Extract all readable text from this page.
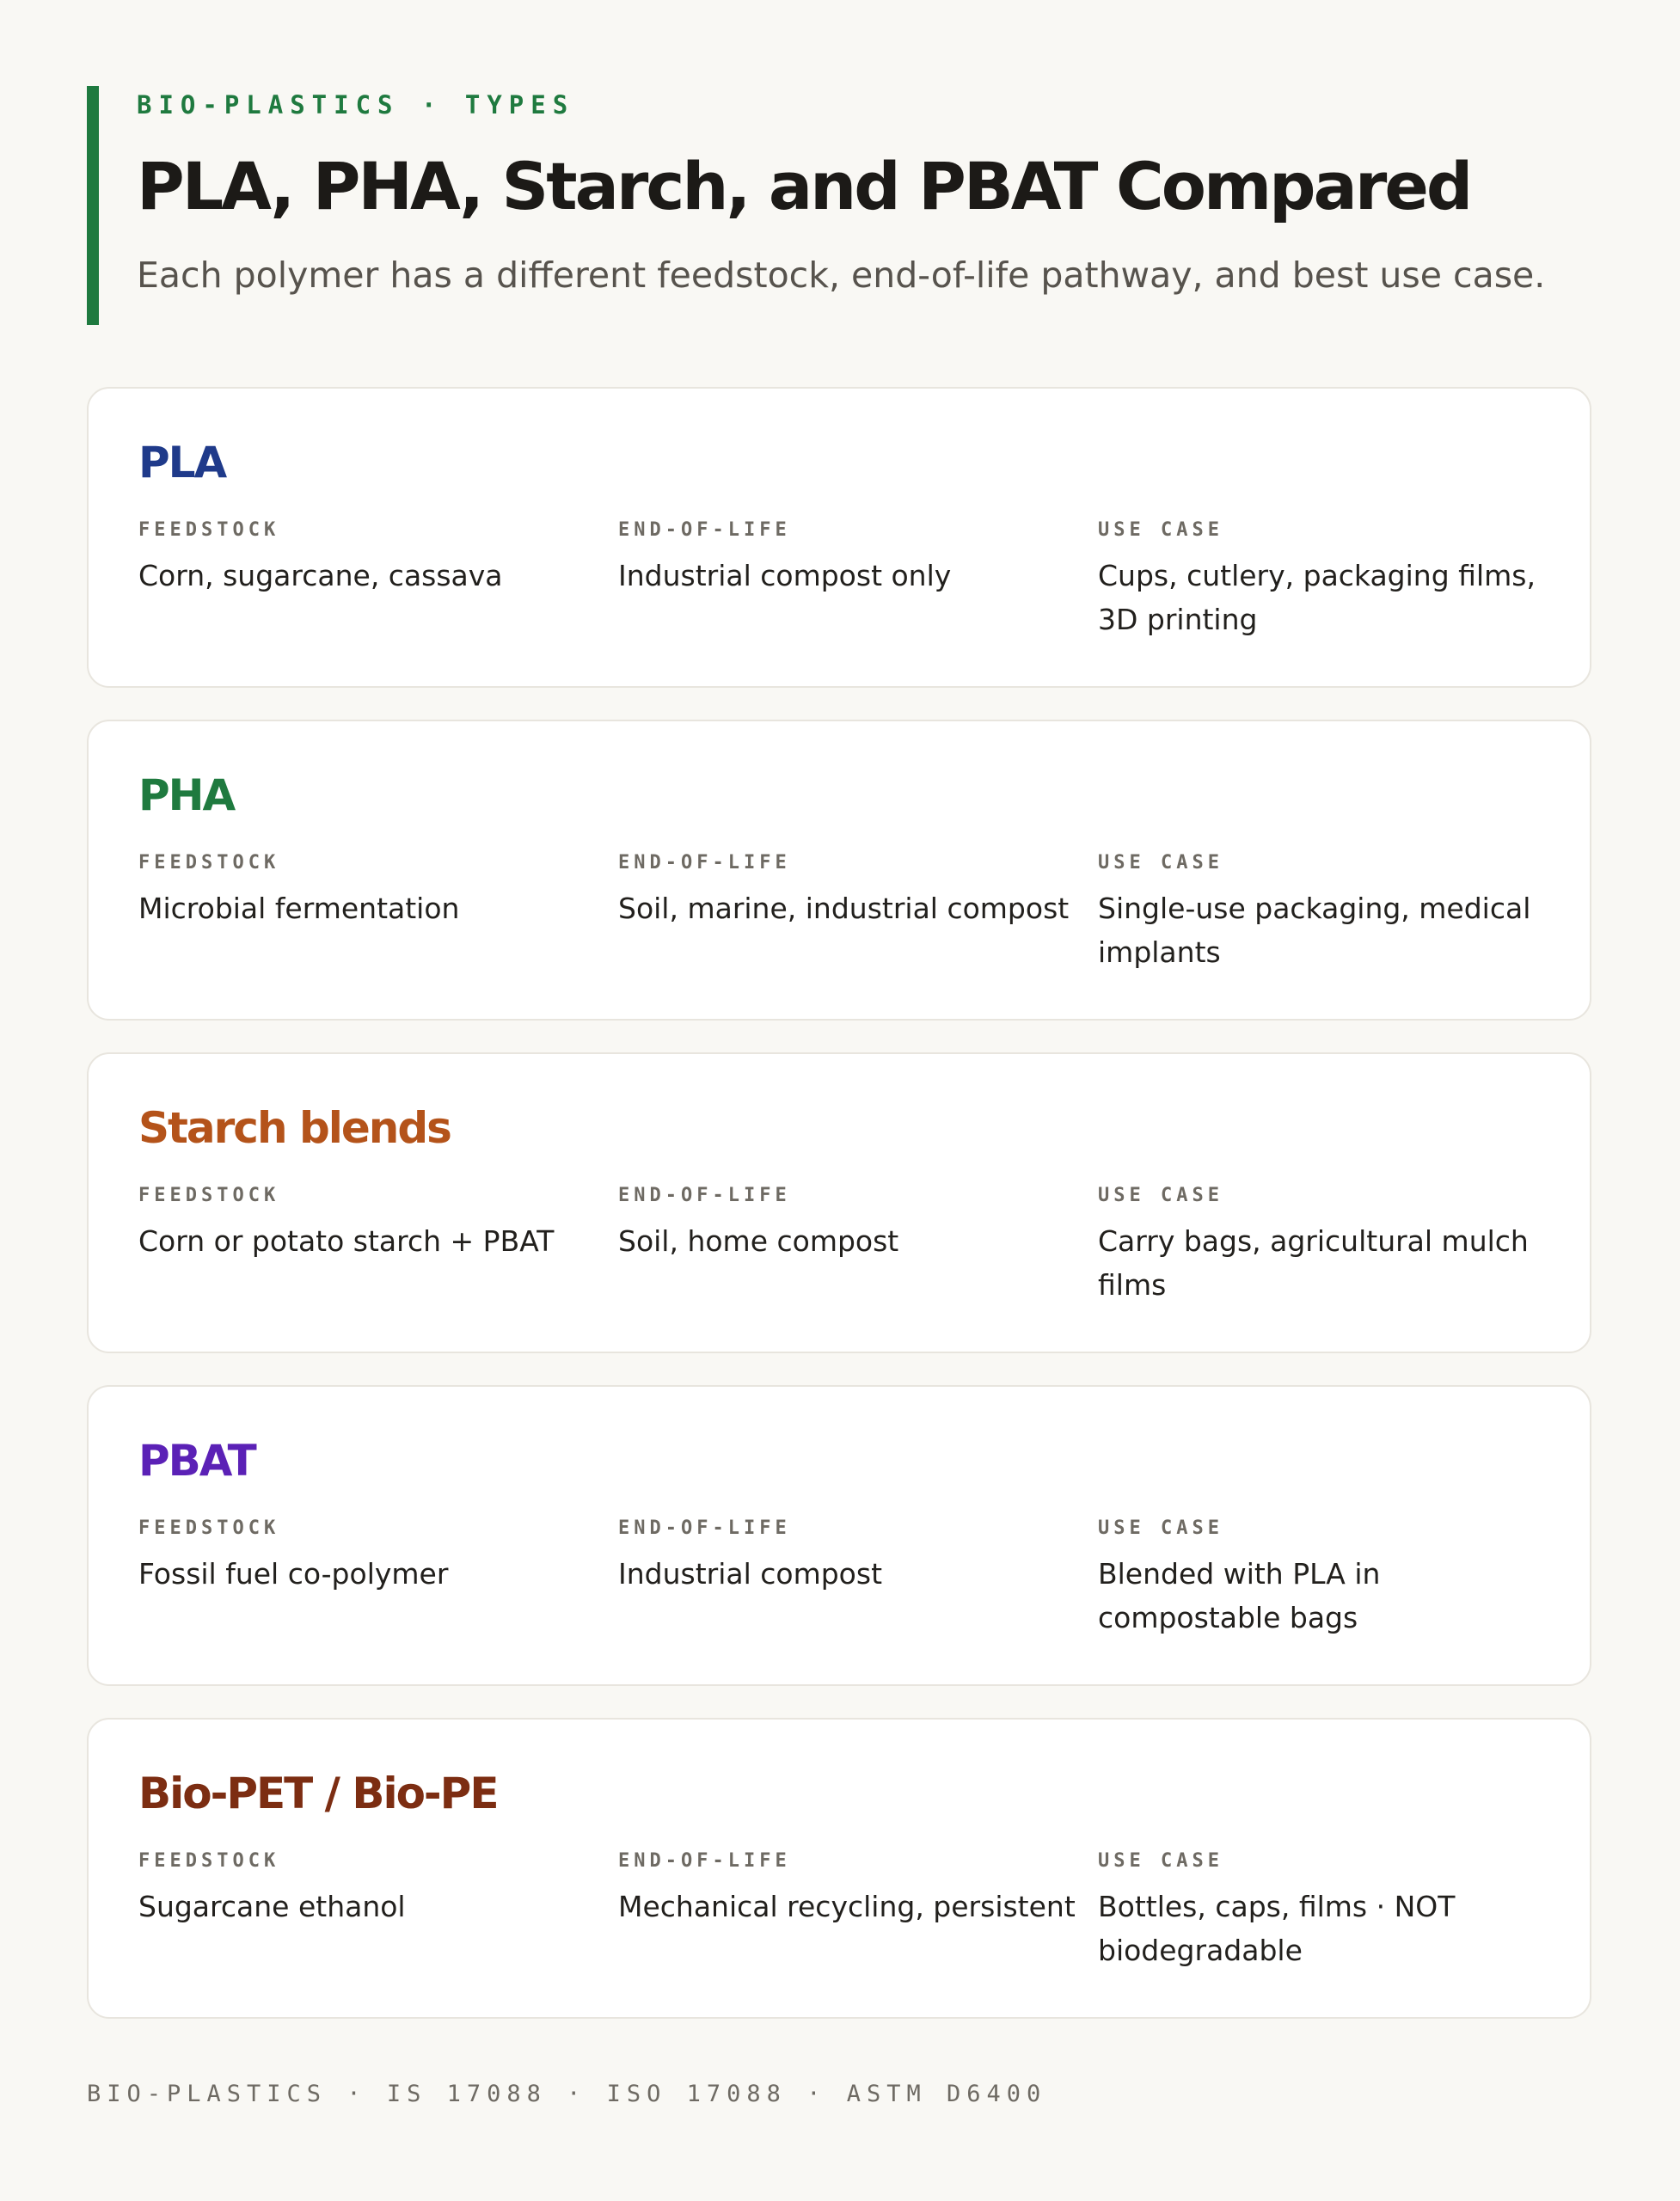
BIO-PLASTICS · TYPES
PLA, PHA, Starch, and PBAT Compared
Each polymer has a different feedstock, end-of-life pathway, and best use case.
PLA
FEEDSTOCK
Corn, sugarcane, cassava
END-OF-LIFE
Industrial compost only
USE CASE
Cups, cutlery, packaging films, 3D printing
PHA
FEEDSTOCK
Microbial fermentation
END-OF-LIFE
Soil, marine, industrial compost
USE CASE
Single-use packaging, medical implants
Starch blends
FEEDSTOCK
Corn or potato starch + PBAT
END-OF-LIFE
Soil, home compost
USE CASE
Carry bags, agricultural mulch films
PBAT
FEEDSTOCK
Fossil fuel co-polymer
END-OF-LIFE
Industrial compost
USE CASE
Blended with PLA in compostable bags
Bio-PET / Bio-PE
FEEDSTOCK
Sugarcane ethanol
END-OF-LIFE
Mechanical recycling, persistent
USE CASE
Bottles, caps, films · NOT biodegradable
BIO-PLASTICS · IS 17088 · ISO 17088 · ASTM D6400
